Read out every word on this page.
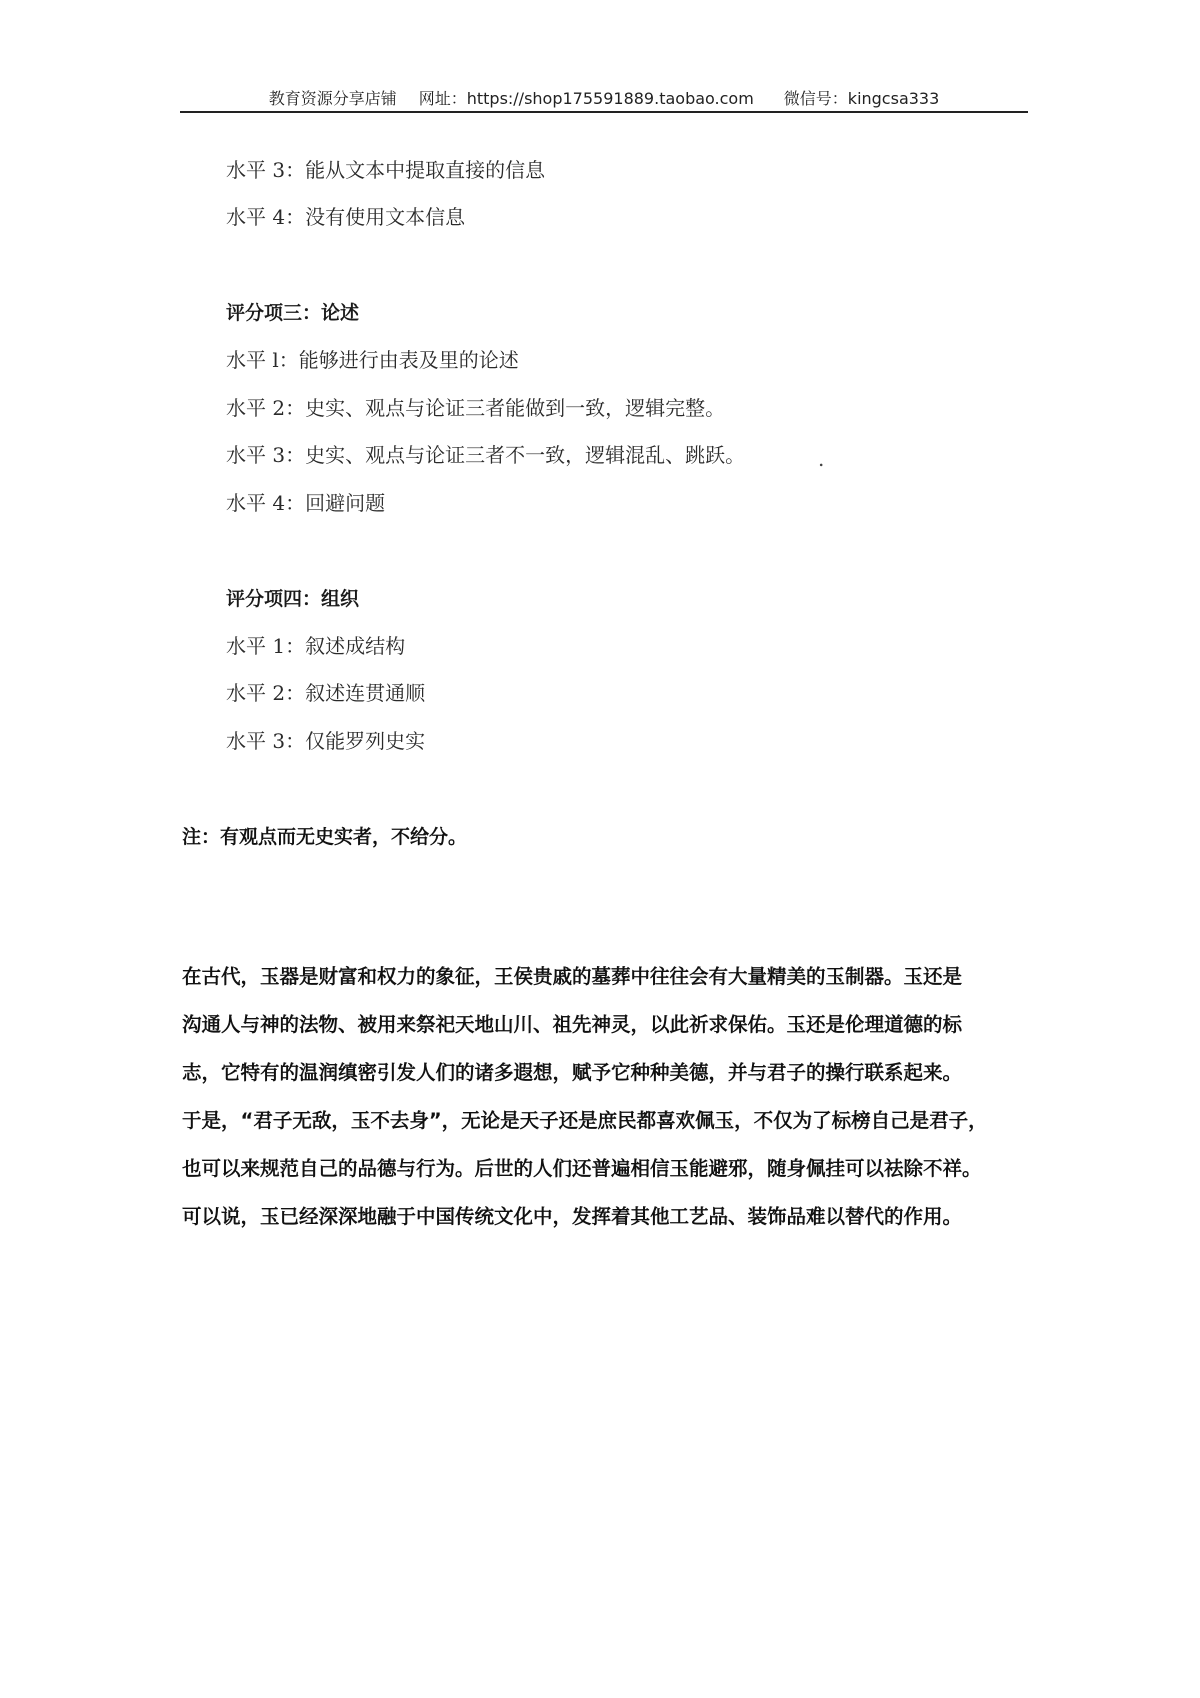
教育资源分享店铺 网址：https://shop175591889.taobao.com 微信号：kingcsa333
水平 3：能从文本中提取直接的信息
水平 4：没有使用文本信息
评分项三：论述
水平 l：能够进行由表及里的论述
水平 2：史实、观点与论证三者能做到一致，逻辑完整。
水平 3：史实、观点与论证三者不一致，逻辑混乱、跳跃。	.
水平 4：回避问题
评分项四：组织
水平 1：叙述成结构
水平 2：叙述连贯通顺
水平 3：仅能罗列史实
注：有观点而无史实者，不给分。
在古代，玉器是财富和权力的象征，王侯贵戚的墓葬中往往会有大量精美的玉制器。玉还是
沟通人与神的法物、被用来祭祀天地山川、祖先神灵，以此祈求保佑。玉还是伦理道德的标
志，它特有的温润缜密引发人们的诸多遐想，赋予它种种美德，并与君子的操行联系起来。
于是，“君子无敌，玉不去身”，无论是天子还是庶民都喜欢佩玉，不仅为了标榜自己是君子，
也可以来规范自己的品德与行为。后世的人们还普遍相信玉能避邪，随身佩挂可以祛除不祥。
可以说，玉已经深深地融于中国传统文化中，发挥着其他工艺品、装饰品难以替代的作用。
